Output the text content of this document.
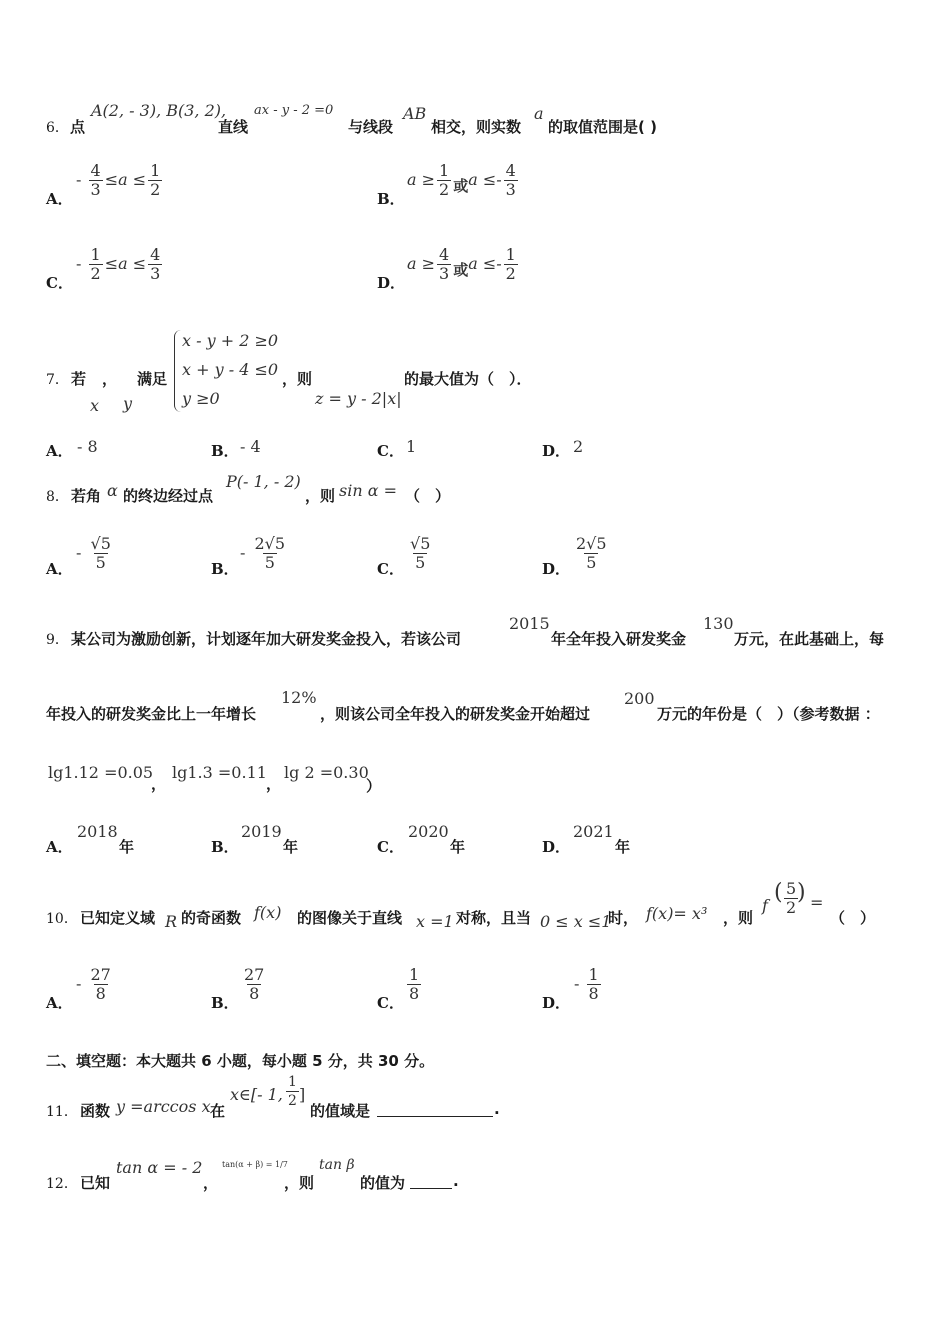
6． 点
A(2, - 3), B(3, 2),
直线
ax - y - 2 =0
与线段
AB
相交，则实数
a
的取值范围是( )
A．
- $\frac{4}{3} \le a \le \frac{1}{2}$	B．
$a \ge \frac{1}{2}$ 或$a \le- \frac{4}{3}$
C．
- $\frac{1}{2} \le a \le \frac{4}{3}$	D．
$a \ge \frac{4}{3}$ 或$a \le- \frac{1}{2}$
7． 若 ， 满足
x y
x - y + 2 ≥0
x + y - 4 ≤0
y ≥0
，则
z = y - 2|x|
的最大值为（　）．
A． - 8	B． - 4	C． 1	D． 2
8． 若角 α 的终边经过点
P(- 1, - 2)
，则 sin α = （　）
A．
- $\frac{√5}{5}$	B．
- $\frac{2√5}{5}$	C． $\frac{√5}{5}$	D． $\frac{2√5}{5}$
9． 某公司为激励创新，计划逐年加大研发奖金投入，若该公司
2015
年全年投入研发奖金
130
万元，在此基础上，每
年投入的研发奖金比上一年增长
12%
，则该公司全年投入的研发奖金开始超过
200
万元的年份是（　）（参考数据 ：
lg1.12 =0.05
，
lg1.3 =0.11
，
lg 2 =0.30
）
A．
2018
年	B．
2019
年	C．
2020
年	D．
2021
年
10． 已知定义域 R 的奇函数 f(x) 的图像关于直线 x =1 对称，且当 0 ≤ x ≤1
时， f(x)= x³ ，则
f
( $\frac{5}{2}$
) =
（　）
A．
- $\frac{27}{8}$	B． $\frac{27}{8}$	C． $\frac{1}{8}$	D．
- $\frac{1}{8}$
二、填空题：本大题共 6 小题，每小题 5 分，共 30 分。
11． 函数 y =arccos x 在
x∈[- 1, $\frac{1}{2}$ ]
的值域是	.
12． 已知
tan α = - 2
，
tan(α + β) = 1/7
，则
tan β
的值为	.
